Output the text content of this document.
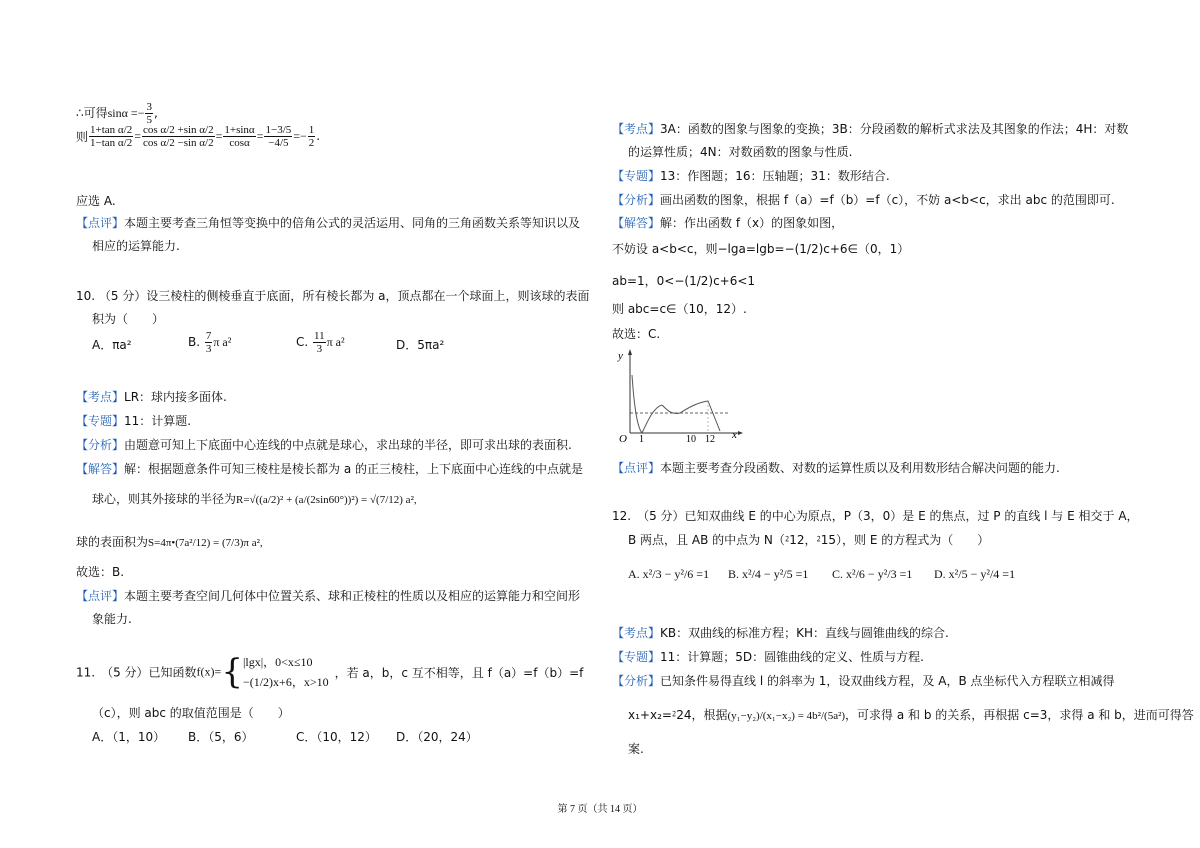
∴可得$\sin\alpha =- \frac{3}{5}$ ,
则 $\frac{\text{1+tan α/2}}{\text{1−tan α/2}} = \frac{\text{cos α/2 +sin α/2}}{\text{cos α/2 −sin α/2}} = \frac{1+\sin\alpha}{\cos\alpha} = \frac{1-3/5}{-4/5} =- \frac{1}{2}$ .
应选 A.
【点评】本题主要考查三角恒等变换中的倍角公式的灵活运用、同角的三角函数关系等知识以及
相应的运算能力.
10. （5 分）设三棱柱的侧棱垂直于底面，所有棱长都为 a，顶点都在一个球面上，则该球的表面
积为（　　）
A．πa²	B. $\frac{7}{3}$ π a²	C. $\frac{11}{3}$ π a²	D．5πa²
【考点】LR：球内接多面体.
【专题】11：计算题.
【分析】由题意可知上下底面中心连线的中点就是球心，求出球的半径，即可求出球的表面积.
【解答】解：根据题意条件可知三棱柱是棱长都为 a 的正三棱柱，上下底面中心连线的中点就是
球心，则其外接球的半径为R=√((a/2)² + (a/(2sin60°))²) = √(7/12) a²,
球的表面积为S=4π•(7a²/12) = (7/3)π a²,
故选：B.
【点评】本题主要考查空间几何体中位置关系、球和正棱柱的性质以及相应的运算能力和空间形
象能力.
11.　（5 分）已知函数f(x)={ |lgx|，0<x≤10
−(1/2)x+6，x>10
，若 a，b，c 互不相等，且 f（a）=f（b）=f
（c），则 abc 的取值范围是（　　）
A．（1，10） B．（5，6）	C．（10，12） D．（20，24）
【考点】3A：函数的图象与图象的变换；3B：分段函数的解析式求法及其图象的作法；4H：对数
的运算性质；4N：对数函数的图象与性质.
【专题】13：作图题；16：压轴题；31：数形结合.
【分析】画出函数的图象，根据 f（a）=f（b）=f（c），不妨 a<b<c，求出 abc 的范围即可.
【解答】解：作出函数 f（x）的图象如图，
不妨设 a<b<c，则−lga=lgb=−(1/2)c+6∈（0，1）
ab=1，0<−(1/2)c+6<1
则 abc=c∈（10，12）.
故选：C.
y
x
O 1	10 12
【点评】本题主要考查分段函数、对数的运算性质以及利用数形结合解决问题的能力.
12.　（5 分）已知双曲线 E 的中心为原点，P（3，0）是 E 的焦点，过 P 的直线 l 与 E 相交于 A，
B 两点，且 AB 的中点为 N（⁲12，⁲15），则 E 的方程式为（　　）
A. x²/3 − y²/6 =1 B. x²/4 − y²/5 =1 C. x²/6 − y²/3 =1 D. x²/5 − y²/4 =1
【考点】KB：双曲线的标准方程；KH：直线与圆锥曲线的综合.
【专题】11：计算题；5D：圆锥曲线的定义、性质与方程.
【分析】已知条件易得直线 l 的斜率为 1，设双曲线方程，及 A，B 点坐标代入方程联立相减得
x₁+x₂=⁲24，根据(y₁−y₂)/(x₁−x₂) = 4b²/(5a²)，可求得 a 和 b 的关系，再根据 c=3，求得 a 和 b，进而可得答
案.
第 7 页（共 14 页）
